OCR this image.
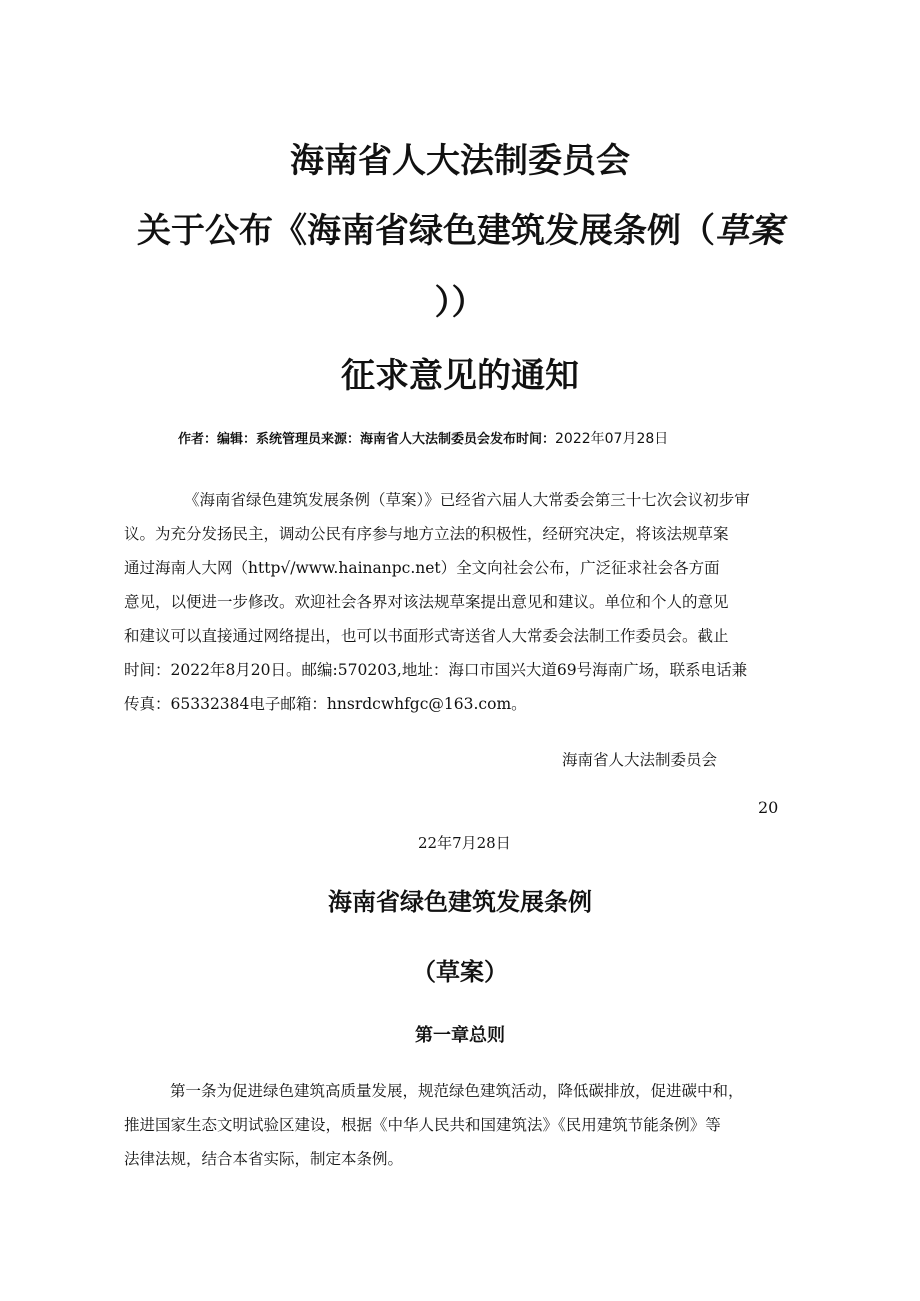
海南省人大法制委员会
关于公布《海南省绿色建筑发展条例（草案
））
征求意见的通知
作者：编辑：系统管理员来源：海南省人大法制委员会发布时间：2022年07月28日

《海南省绿色建筑发展条例（草案）》已经省六届人大常委会第三十七次会议初步审

议。为充分发扬民主，调动公民有序参与地方立法的积极性，经研究决定，将该法规草案

通过海南人大网（http√/www.hainanpc.net）全文向社会公布，广泛征求社会各方面

意见，以便进一步修改。欢迎社会各界对该法规草案提出意见和建议。单位和个人的意见

和建议可以直接通过网络提出，也可以书面形式寄送省人大常委会法制工作委员会。截止

时间：2022年8月20日。邮编:570203,地址：海口市国兴大道69号海南广场，联系电话兼

传真：65332384电子邮箱：hnsrdcwhfgc@163.com。

海南省人大法制委员会
20
22年7月28日
海南省绿色建筑发展条例
（草案）
第一章总则

第一条为促进绿色建筑高质量发展，规范绿色建筑活动，降低碳排放，促进碳中和，

推进国家生态文明试验区建设，根据《中华人民共和国建筑法》《民用建筑节能条例》等

法律法规，结合本省实际，制定本条例。
